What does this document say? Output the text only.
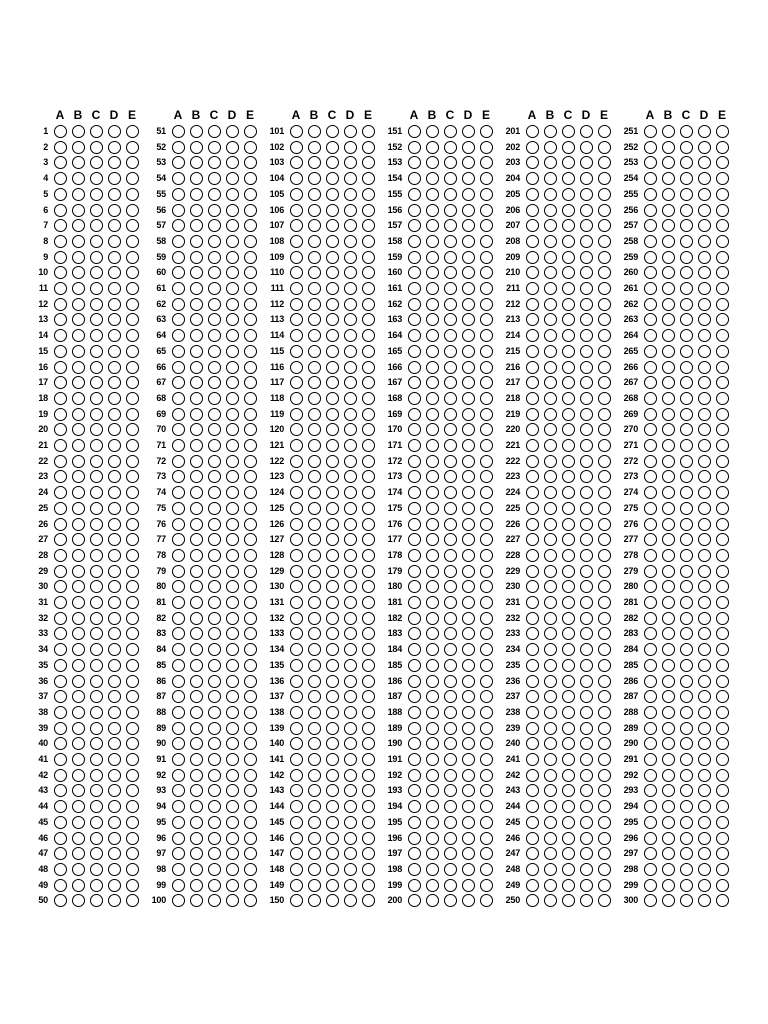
A B C D E
1
2
3
4
5
6
7
8
9
10
11
12
13
14
15
16
17
18
19
20
21
22
23
24
25
26
27
28
29
30
31
32
33
34
35
36
37
38
39
40
41
42
43
44
45
46
47
48
49
50
A B C D E
51
52
53
54
55
56
57
58
59
60
61
62
63
64
65
66
67
68
69
70
71
72
73
74
75
76
77
78
79
80
81
82
83
84
85
86
87
88
89
90
91
92
93
94
95
96
97
98
99
100
A B C D E
101
102
103
104
105
106
107
108
109
110
111
112
113
114
115
116
117
118
119
120
121
122
123
124
125
126
127
128
129
130
131
132
133
134
135
136
137
138
139
140
141
142
143
144
145
146
147
148
149
150
A B C D E
151
152
153
154
155
156
157
158
159
160
161
162
163
164
165
166
167
168
169
170
171
172
173
174
175
176
177
178
179
180
181
182
183
184
185
186
187
188
189
190
191
192
193
194
195
196
197
198
199
200
A B C D E
201
202
203
204
205
206
207
208
209
210
211
212
213
214
215
216
217
218
219
220
221
222
223
224
225
226
227
228
229
230
231
232
233
234
235
236
237
238
239
240
241
242
243
244
245
246
247
248
249
250
A B C D E
251
252
253
254
255
256
257
258
259
260
261
262
263
264
265
266
267
268
269
270
271
272
273
274
275
276
277
278
279
280
281
282
283
284
285
286
287
288
289
290
291
292
293
294
295
296
297
298
299
300
